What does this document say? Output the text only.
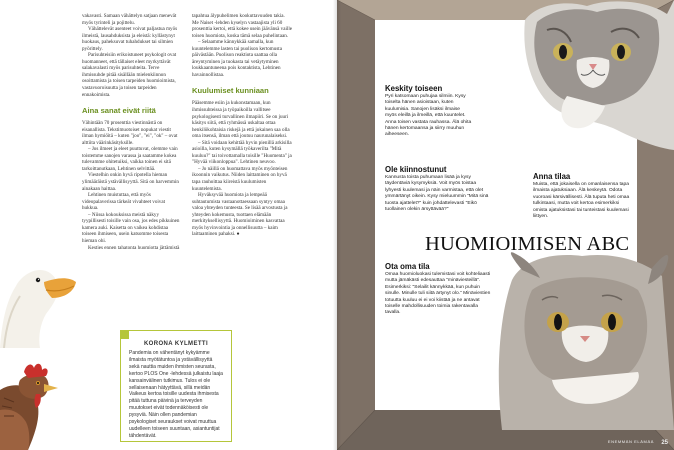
vakavasti. Samaan vähättelyn satjaan menevät myös tyrinteli ja pojittelu.

Vähättelevät asenteet voivat paljastua myös ilmeistä, lausahduksista ja eleistä: kyllästynyt huokaus, paheksuvat tuhahdukset tai silmien pyörittely.

Parisuhteisiin erikoistuneet psykologit ovat huomanneet, että tällaiset eleet myrkyttävät salakavalasti myös parisuhteita. Terve ihmissuhde pitää sisällään mielenkiinnon osoittamista ja toisen tarpeiden huomioimista, vastavuoroisuutta ja toisen tarpeiden ennakoimista.

Aina sanat eivät riitä

Vähintään 70 prosenttia viestinnästä on eisanallista. Tekstimuotoiset nopukat viestit ilman hymiöitä – kuten "joo", "ei", "ok" – ovat alttiita väärinkäsityksille.

– Jos ilmeet ja eleet puuttuvat, olemme vain toistemme sanojen varassa ja saatamme kokea tulevamme ohitetuiksi, vaikka toinen ei sitä tarkoittanutkaan, Lehtinen selvittää.

Viestelhin onkin hyvä ripotella hieman ylimääräistä ystävällisyyttä. Sitä on harvemmin ainakaan haittaa.

Lehtinen muistuttaa, että myös videopalaverissa tärkeät vivahteet voivat hukkua.

– Niissa kokouksissa meistä näkyy tyypillisesti toisille vain osa, jos edes pikkuinen kamera auki. Kaisetta on vaikea kohdistaa toiseen ihmiseen, usein katsomme toisesta hieman ohi.

Kesties ennen tahatonta huomiotta jättämistä

tapahtua älypuhelimen kookuttavuuden takia. Me Naiset -lehden kyselyn vastaajista yli 60 prosenttia kertoi, että kokee usein jäävänsä vaille toisen huomiota, koska tämä selaa puhelintaan.

– Selaamme kännykkää samalla, kun kuuntelemme lasten tai puolison kertomusta päivästään. Puolison reaktiota saattaa olla äreyntyminen ja tuokasta tai vetäytyminen loukkaantuneena pois kontaktista, Lehtinen havainnollistaa.

Kuulumiset kunniaan

Pääsemme esiin ja kukonstamaan, kun ihmissuhteissa ja työpaikoilla vallitsee psykologisesti turvallinen ilmapiiri. Se on juuri käsitys siitä, että ryhmässä uskaltaa ottaa henkilökohtaisia riskejä ja että jokainen saa olla oma itsensä, ilman että joutuu naurunalaiseksi.

– Sitä voidaan kehittää hyvin pienillä arkisilla asioilla, kuten kysymällä työkaverilta "Mitä kuuluu?" tai toivottamalla toisille "Huomenta" ja "Hyvää viikonloppua". Lehtinen neuvoo.

– Jo näillä on huomattava myös myönteisen ikoonnin vaikutus. Niiden laittaminen on hyvä tapa rauhoittaa kiireistä kuulumisten kuuntelemista.

Hyväksyvää huomiota ja lempeää suhtautumista vastaanottaessaan syntyy omaa valoa yhteyden tunteesta. Se lisää arvostusta ja yhteyden kokemusta, tuottaen elämään merkityksellisyyttä. Huomioiminen kasvattaa myös hyvinvointia ja onnellisuutta – kaim laittaaminen pahaksi. ●

KORONA KYLMETTI
Pandemia on vähentänyt kykyämme ilmaista myötätuntoa ja ystävällisyyttä sekä nauttia muiden ihmisten seurasta, kertoo PLOS One -lehdessä julkaistu laaja kansainvälinen tutkimus. Tulos ei ole sellaisenaan hätyyttävä, sillä meidän Vaikeus kertoa toisille uudesta ihmisesta pitää tuttuna päivinä ja terveyden muutokset eivät todennäköisesti ole pysyviä. Näin ollen pandemian psykologiset seuraukset voivat muuttua uudelleen toiseen suuntaan, asiantuntijat tähdentävät.
Keskity toiseen
Pyri katsomaan puhujaa silmiin. Kysy toiselta hänen asioistaan, kuten kuulumisia. Sanojen lisäksi ilmaise myös eleillä ja ilmeillä, että kuuntelet. Anna toisen vastata rauhassa. Älä ohita hänen kertomaansa ja siirry muuhun aiheeseen.
Ole kiinnostunut
Kannusta toista puhumaan lisää ja kysy täydentäviä kysymyksiä. Voit myös toistaa lyhyesti kuulemasi ja näin varmistaa, että olet ymmärtänyt oikein. Kysy mieluummin "Mitä sinä tuosta ajattelet?" kuin johdattelevasti "Eikö tuollainen olekin ärsyttävää?"
Anna tilaa
Muista, että jokaisella on omanlaisensa tapa ilmaista ajatuksiaan. Älä keskeytä. Odota vuoroasi kärsivällisesti. Älä tuputa heti omaa tulkintaasi, mutta voit kertoa esimerkiksi omista ajatuksistasi tai tunteistasi kuulemasi liittyen.
HUOMIOIMISEN ABC
Ota oma tila
Omaa huomioluokasi tulemistasi voit kohteliaasti mutta jämäkästi edesauttaa "minäviesteillä". Esimerkiksi: "Selailit kännykkää, kun puhuin sinulle. Minulle tuli siitä ärtynyt olo." Minäviestien totuutta kuuluu ei ei voi kiistää ja ne antavat toiselle mahdollisuuden toimia rakentavalla tavalla.
ENEMMÄN ELÄMÄÄ 25
